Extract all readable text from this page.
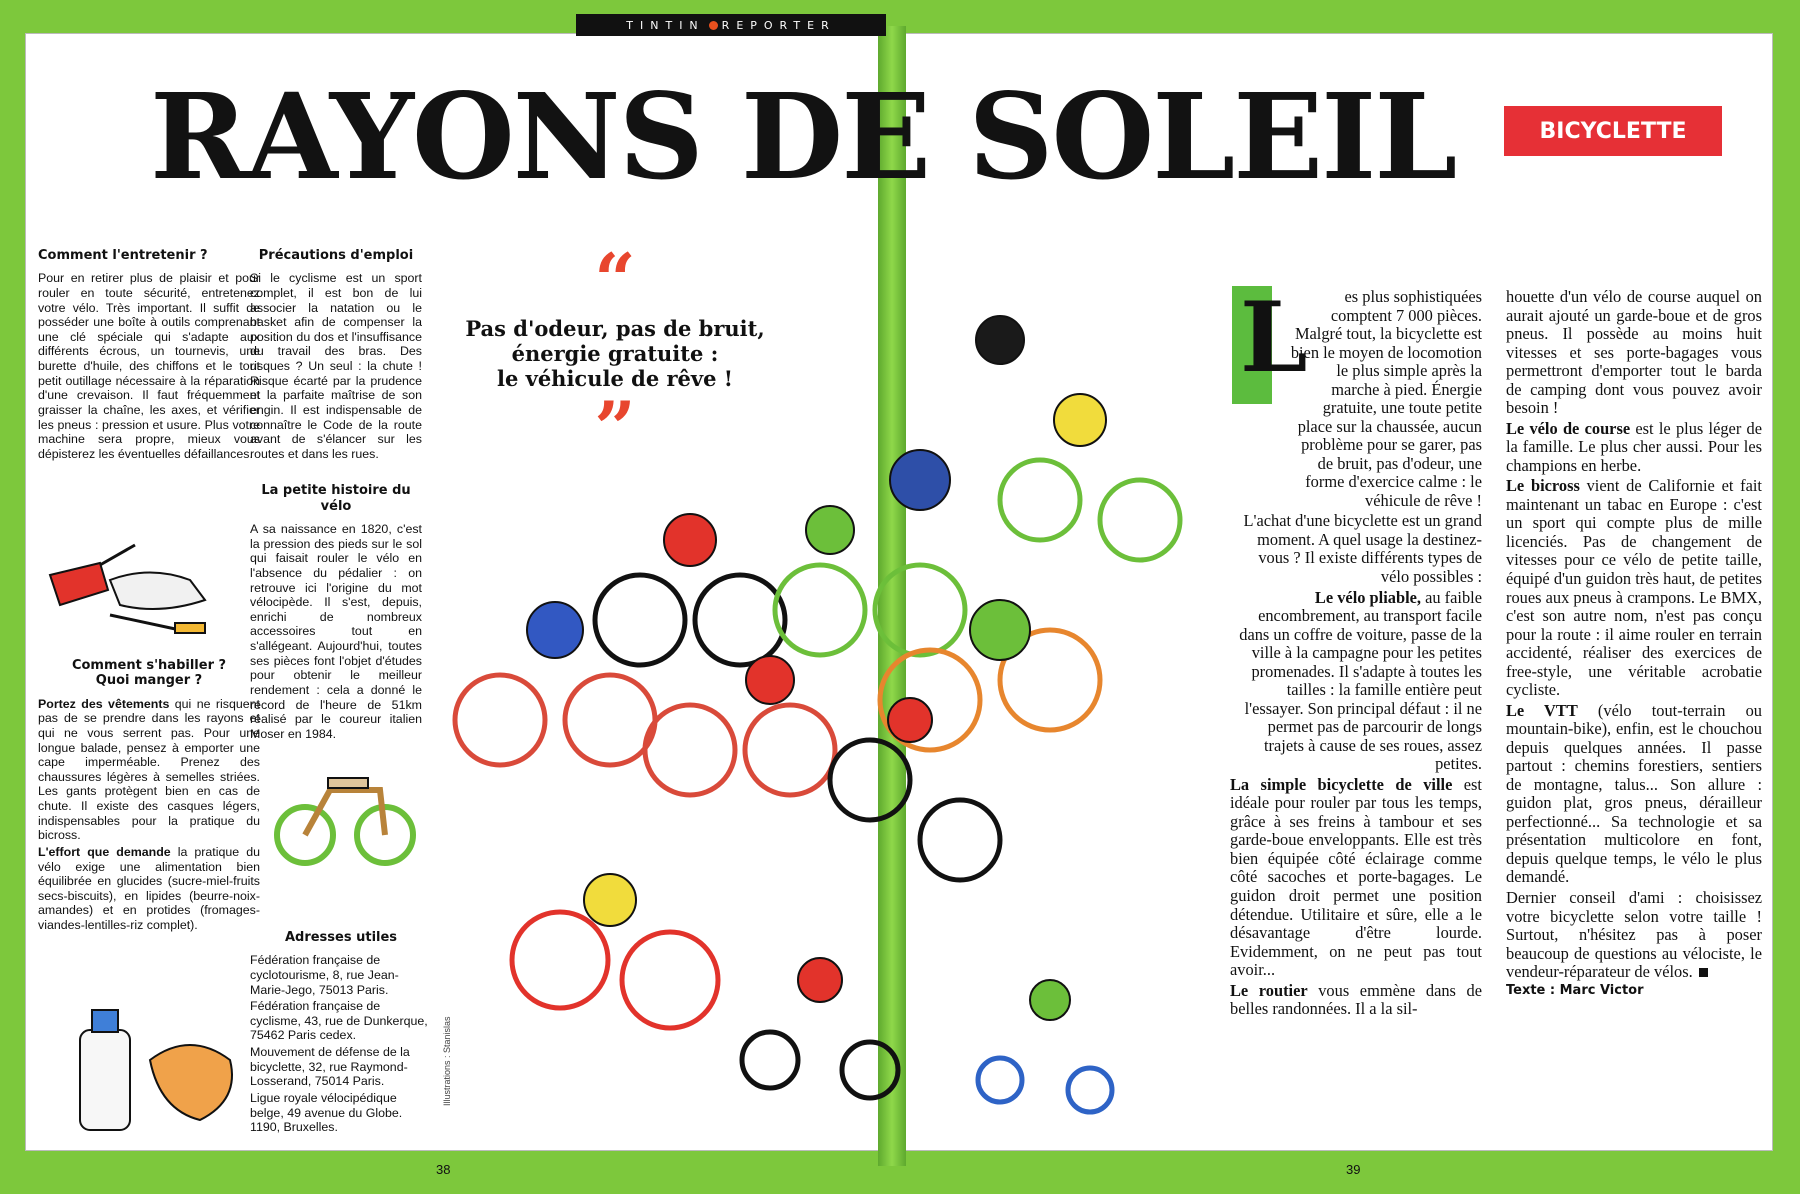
TINTIN REPORTER
RAYONS DE SOLEIL	BICYCLETTE
Comment l'entretenir ?

Pour en retirer plus de plaisir et pour rouler en toute sécurité, entretenez votre vélo. Très important. Il suffit de posséder une boîte à outils comprenant une clé spéciale qui s'adapte aux différents écrous, un tournevis, une burette d'huile, des chiffons et le tout petit outillage nécessaire à la réparation d'une crevaison. Il faut fréquemment graisser la chaîne, les axes, et vérifier les pneus : pression et usure. Plus votre machine sera propre, mieux vous dépisterez les éventuelles défaillances.

Comment s'habiller ?
Quoi manger ?

Portez des vêtements qui ne risquent pas de se prendre dans les rayons et qui ne vous serrent pas. Pour une longue balade, pensez à emporter une cape imperméable. Prenez des chaussures légères à semelles striées. Les gants protègent bien en cas de chute. Il existe des casques légers, indispensables pour la pratique du bicross.

L'effort que demande la pratique du vélo exige une alimentation bien équilibrée en glucides (sucre-miel-fruits secs-biscuits), en lipides (beurre-noix-amandes) et en protides (fromages-viandes-lentilles-riz complet).

Précautions d'emploi

Si le cyclisme est un sport complet, il est bon de lui associer la natation ou le basket afin de compenser la position du dos et l'insuffisance du travail des bras. Des risques ? Un seul : la chute ! Risque écarté par la prudence et la parfaite maîtrise de son engin. Il est indispensable de connaître le Code de la route avant de s'élancer sur les routes et dans les rues.

La petite histoire du
vélo

A sa naissance en 1820, c'est la pression des pieds sur le sol qui faisait rouler le vélo en l'absence du pédalier : on retrouve ici l'origine du mot vélocipède. Il s'est, depuis, enrichi de nombreux accessoires tout en s'allégeant. Aujourd'hui, toutes ses pièces font l'objet d'études pour obtenir le meilleur rendement : cela a donné le record de l'heure de 51km réalisé par le coureur italien Moser en 1984.

Adresses utiles

Fédération française de cyclotourisme, 8, rue Jean-Marie-Jego, 75013 Paris.

Fédération française de cyclisme, 43, rue de Dunkerque, 75462 Paris cedex.

Mouvement de défense de la bicyclette, 32, rue Raymond-Losserand, 75014 Paris.

Ligue royale vélocipédique belge, 49 avenue du Globe. 1190, Bruxelles.

Illustrations : Stanislas
“
Pas d'odeur, pas de bruit,
énergie gratuite :
le véhicule de rêve !
”
L	es plus sophistiquées comptent 7 000 pièces. Malgré tout, la bicyclette est bien le moyen de locomotion le plus simple après la marche à pied. Énergie gratuite, une toute petite place sur la chaussée, aucun problème pour se garer, pas de bruit, pas d'odeur, une forme d'exercice calme : le véhicule de rêve !

L'achat d'une bicyclette est un grand moment. A quel usage la destinez-vous ? Il existe différents types de vélo possibles :

Le vélo pliable, au faible encombrement, au transport facile dans un coffre de voiture, passe de la ville à la campagne pour les petites promenades. Il s'adapte à toutes les tailles : la famille entière peut l'essayer. Son principal défaut : il ne permet pas de parcourir de longs trajets à cause de ses roues, assez petites.

La simple bicyclette de ville est idéale pour rouler par tous les temps, grâce à ses freins à tambour et ses garde-boue enveloppants. Elle est très bien équipée côté éclairage comme côté sacoches et porte-bagages. Le guidon droit permet une position détendue. Utilitaire et sûre, elle a le désavantage d'être lourde. Evidemment, on ne peut pas tout avoir...

Le routier vous emmène dans de belles randonnées. Il a la sil-

houette d'un vélo de course auquel on aurait ajouté un garde-boue et de gros pneus. Il possède au moins huit vitesses et ses porte-bagages vous permettront d'emporter tout le barda de camping dont vous pouvez avoir besoin !

Le vélo de course est le plus léger de la famille. Le plus cher aussi. Pour les champions en herbe.

Le bicross vient de Californie et fait maintenant un tabac en Europe : c'est un sport qui compte plus de mille licenciés. Pas de changement de vitesses pour ce vélo de petite taille, équipé d'un guidon très haut, de petites roues aux pneus à crampons. Le BMX, c'est son autre nom, n'est pas conçu pour la route : il aime rouler en terrain accidenté, réaliser des exercices de free-style, une véritable acrobatie cycliste.

Le VTT (vélo tout-terrain ou mountain-bike), enfin, est le chouchou depuis quelques années. Il passe partout : chemins forestiers, sentiers de montagne, talus... Son allure : guidon plat, gros pneus, dérailleur perfectionné... Sa technologie et sa présentation multicolore en font, depuis quelque temps, le vélo le plus demandé.

Dernier conseil d'ami : choisissez votre bicyclette selon votre taille ! Surtout, n'hésitez pas à poser beaucoup de questions au vélociste, le vendeur-réparateur de vélos.

Texte : Marc Victor

38	39
